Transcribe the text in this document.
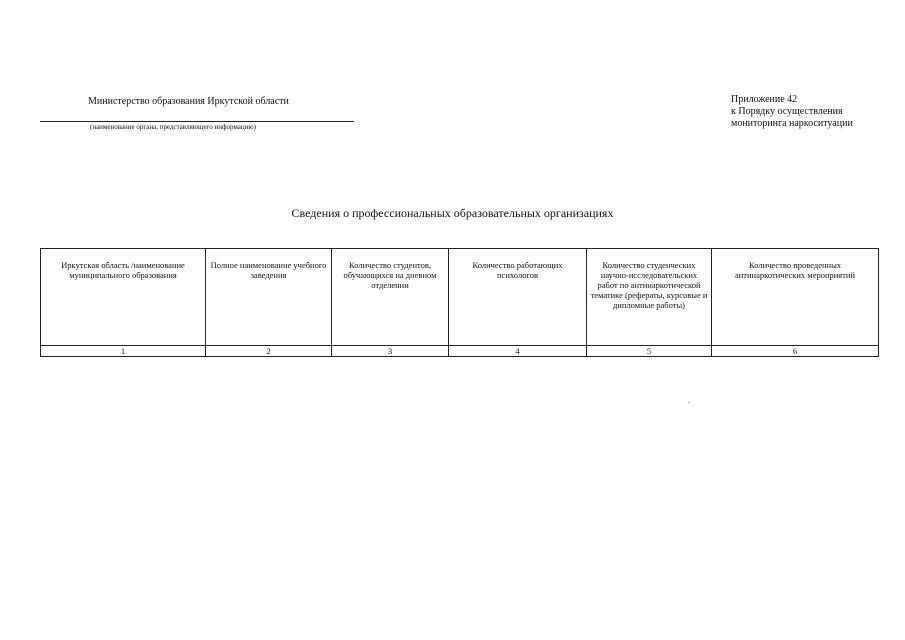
Министерство образования Иркутской области
(наименование органа, представляющего информацию)
Приложение 42
к Порядку осуществления
мониторинга наркоситуации
Сведения о профессиональных образовательных организациях
Иркутская область /наименование муниципального образования	Полное наименование учебного заведения	Количество студентов, обучающихся на дневном отделении	Количество работающих психологов	Количество студенческих научно-исследовательских работ по антинаркотической тематике (рефераты, курсовые и дипломные работы)	Количество проведенных антинаркотических мероприятий
1	2	3	4	5	6
